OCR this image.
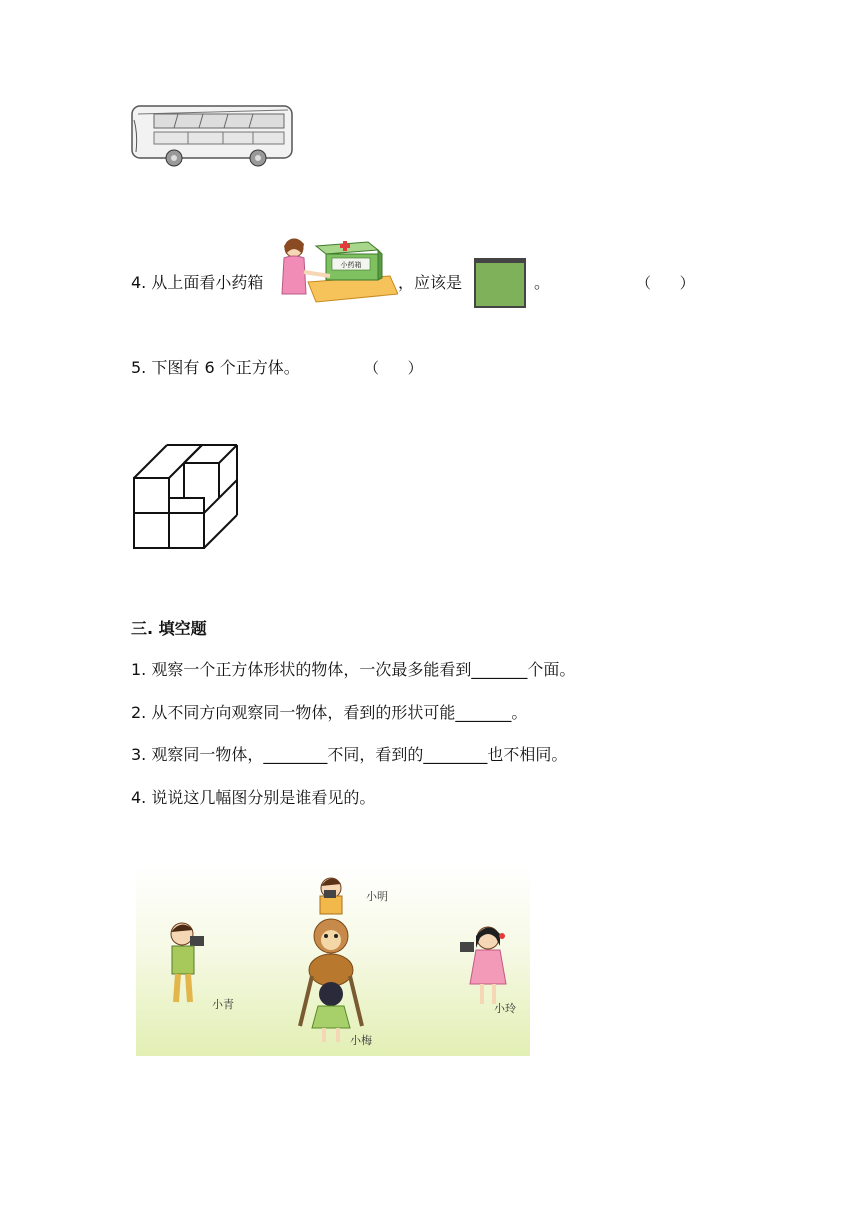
4. 从上面看小药箱
小药箱
，应该是	。	（      ）
5. 下图有 6 个正方体。	（      ）
三. 填空题
1. 观察一个正方体形状的物体，一次最多能看到_______个面。
2. 从不同方向观察同一物体，看到的形状可能_______。
3. 观察同一物体，________不同，看到的________也不相同。
4. 说说这几幅图分别是谁看见的。
小明
小梅
小青	小玲
